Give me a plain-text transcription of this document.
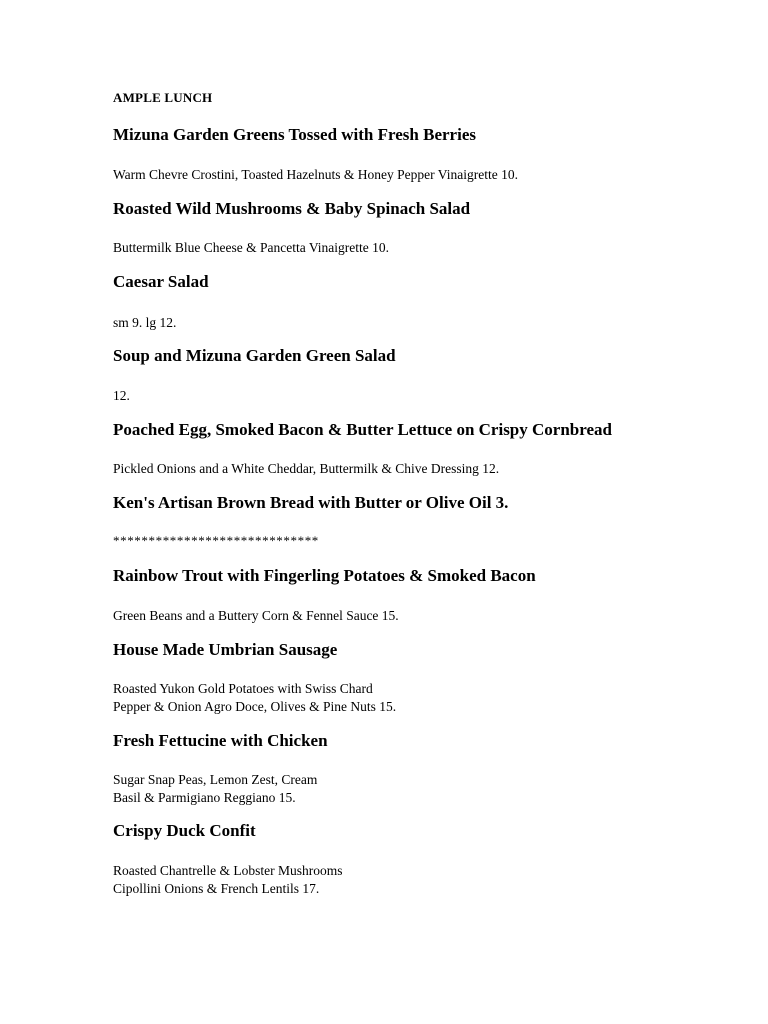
AMPLE LUNCH
Mizuna Garden Greens Tossed with Fresh Berries
Warm Chevre Crostini, Toasted Hazelnuts & Honey Pepper Vinaigrette 10.
Roasted Wild Mushrooms & Baby Spinach Salad
Buttermilk Blue Cheese & Pancetta Vinaigrette 10.
Caesar Salad
sm 9. lg 12.
Soup and Mizuna Garden Green Salad
12.
Poached Egg, Smoked Bacon & Butter Lettuce on Crispy Cornbread
Pickled Onions and a White Cheddar, Buttermilk & Chive Dressing 12.
Ken's Artisan Brown Bread with Butter or Olive Oil 3.
*****************************
Rainbow Trout with Fingerling Potatoes & Smoked Bacon
Green Beans and a Buttery Corn & Fennel Sauce 15.
House Made Umbrian Sausage
Roasted Yukon Gold Potatoes with Swiss Chard
Pepper & Onion Agro Doce, Olives & Pine Nuts 15.
Fresh Fettucine with Chicken
Sugar Snap Peas, Lemon Zest, Cream
Basil & Parmigiano Reggiano 15.
Crispy Duck Confit
Roasted Chantrelle & Lobster Mushrooms
Cipollini Onions & French Lentils 17.
